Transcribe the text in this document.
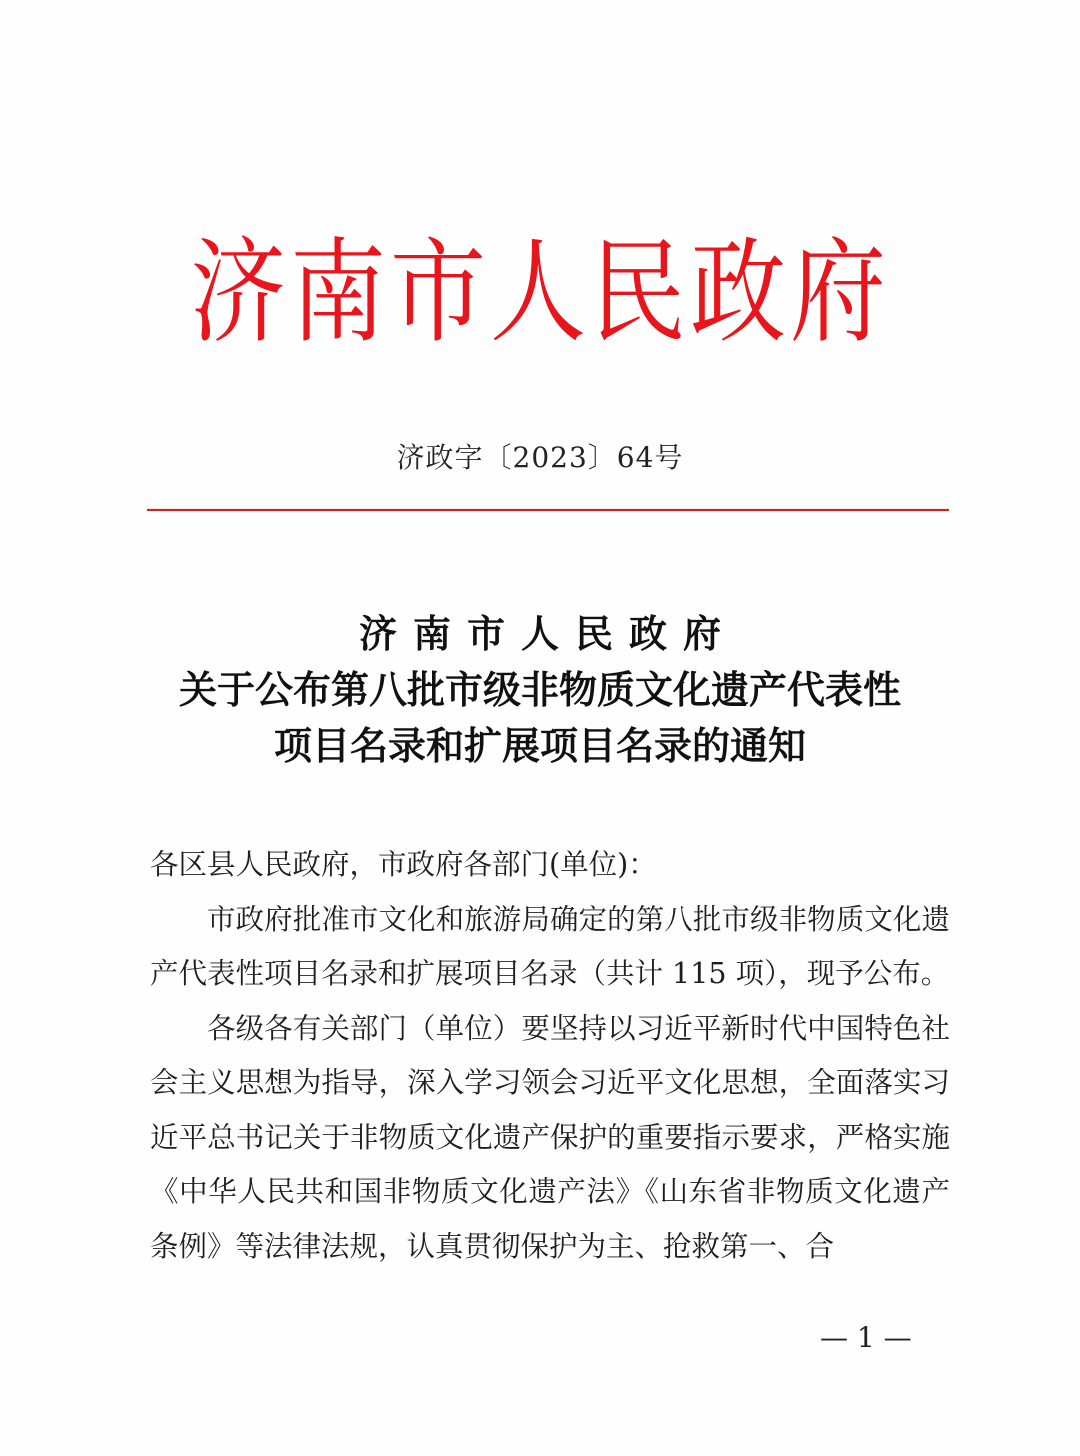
济南市人民政府
济政字〔2023〕64号
济南市人民政府
关于公布第八批市级非物质文化遗产代表性
项目名录和扩展项目名录的通知

各区县人民政府，市政府各部门(单位)：

市政府批准市文化和旅游局确定的第八批市级非物质文化遗产代表性项目名录和扩展项目名录（共计 115 项），现予公布。

各级各有关部门（单位）要坚持以习近平新时代中国特色社会主义思想为指导，深入学习领会习近平文化思想，全面落实习近平总书记关于非物质文化遗产保护的重要指示要求，严格实施《中华人民共和国非物质文化遗产法》《山东省非物质文化遗产条例》等法律法规，认真贯彻保护为主、抢救第一、合

— 1 —
